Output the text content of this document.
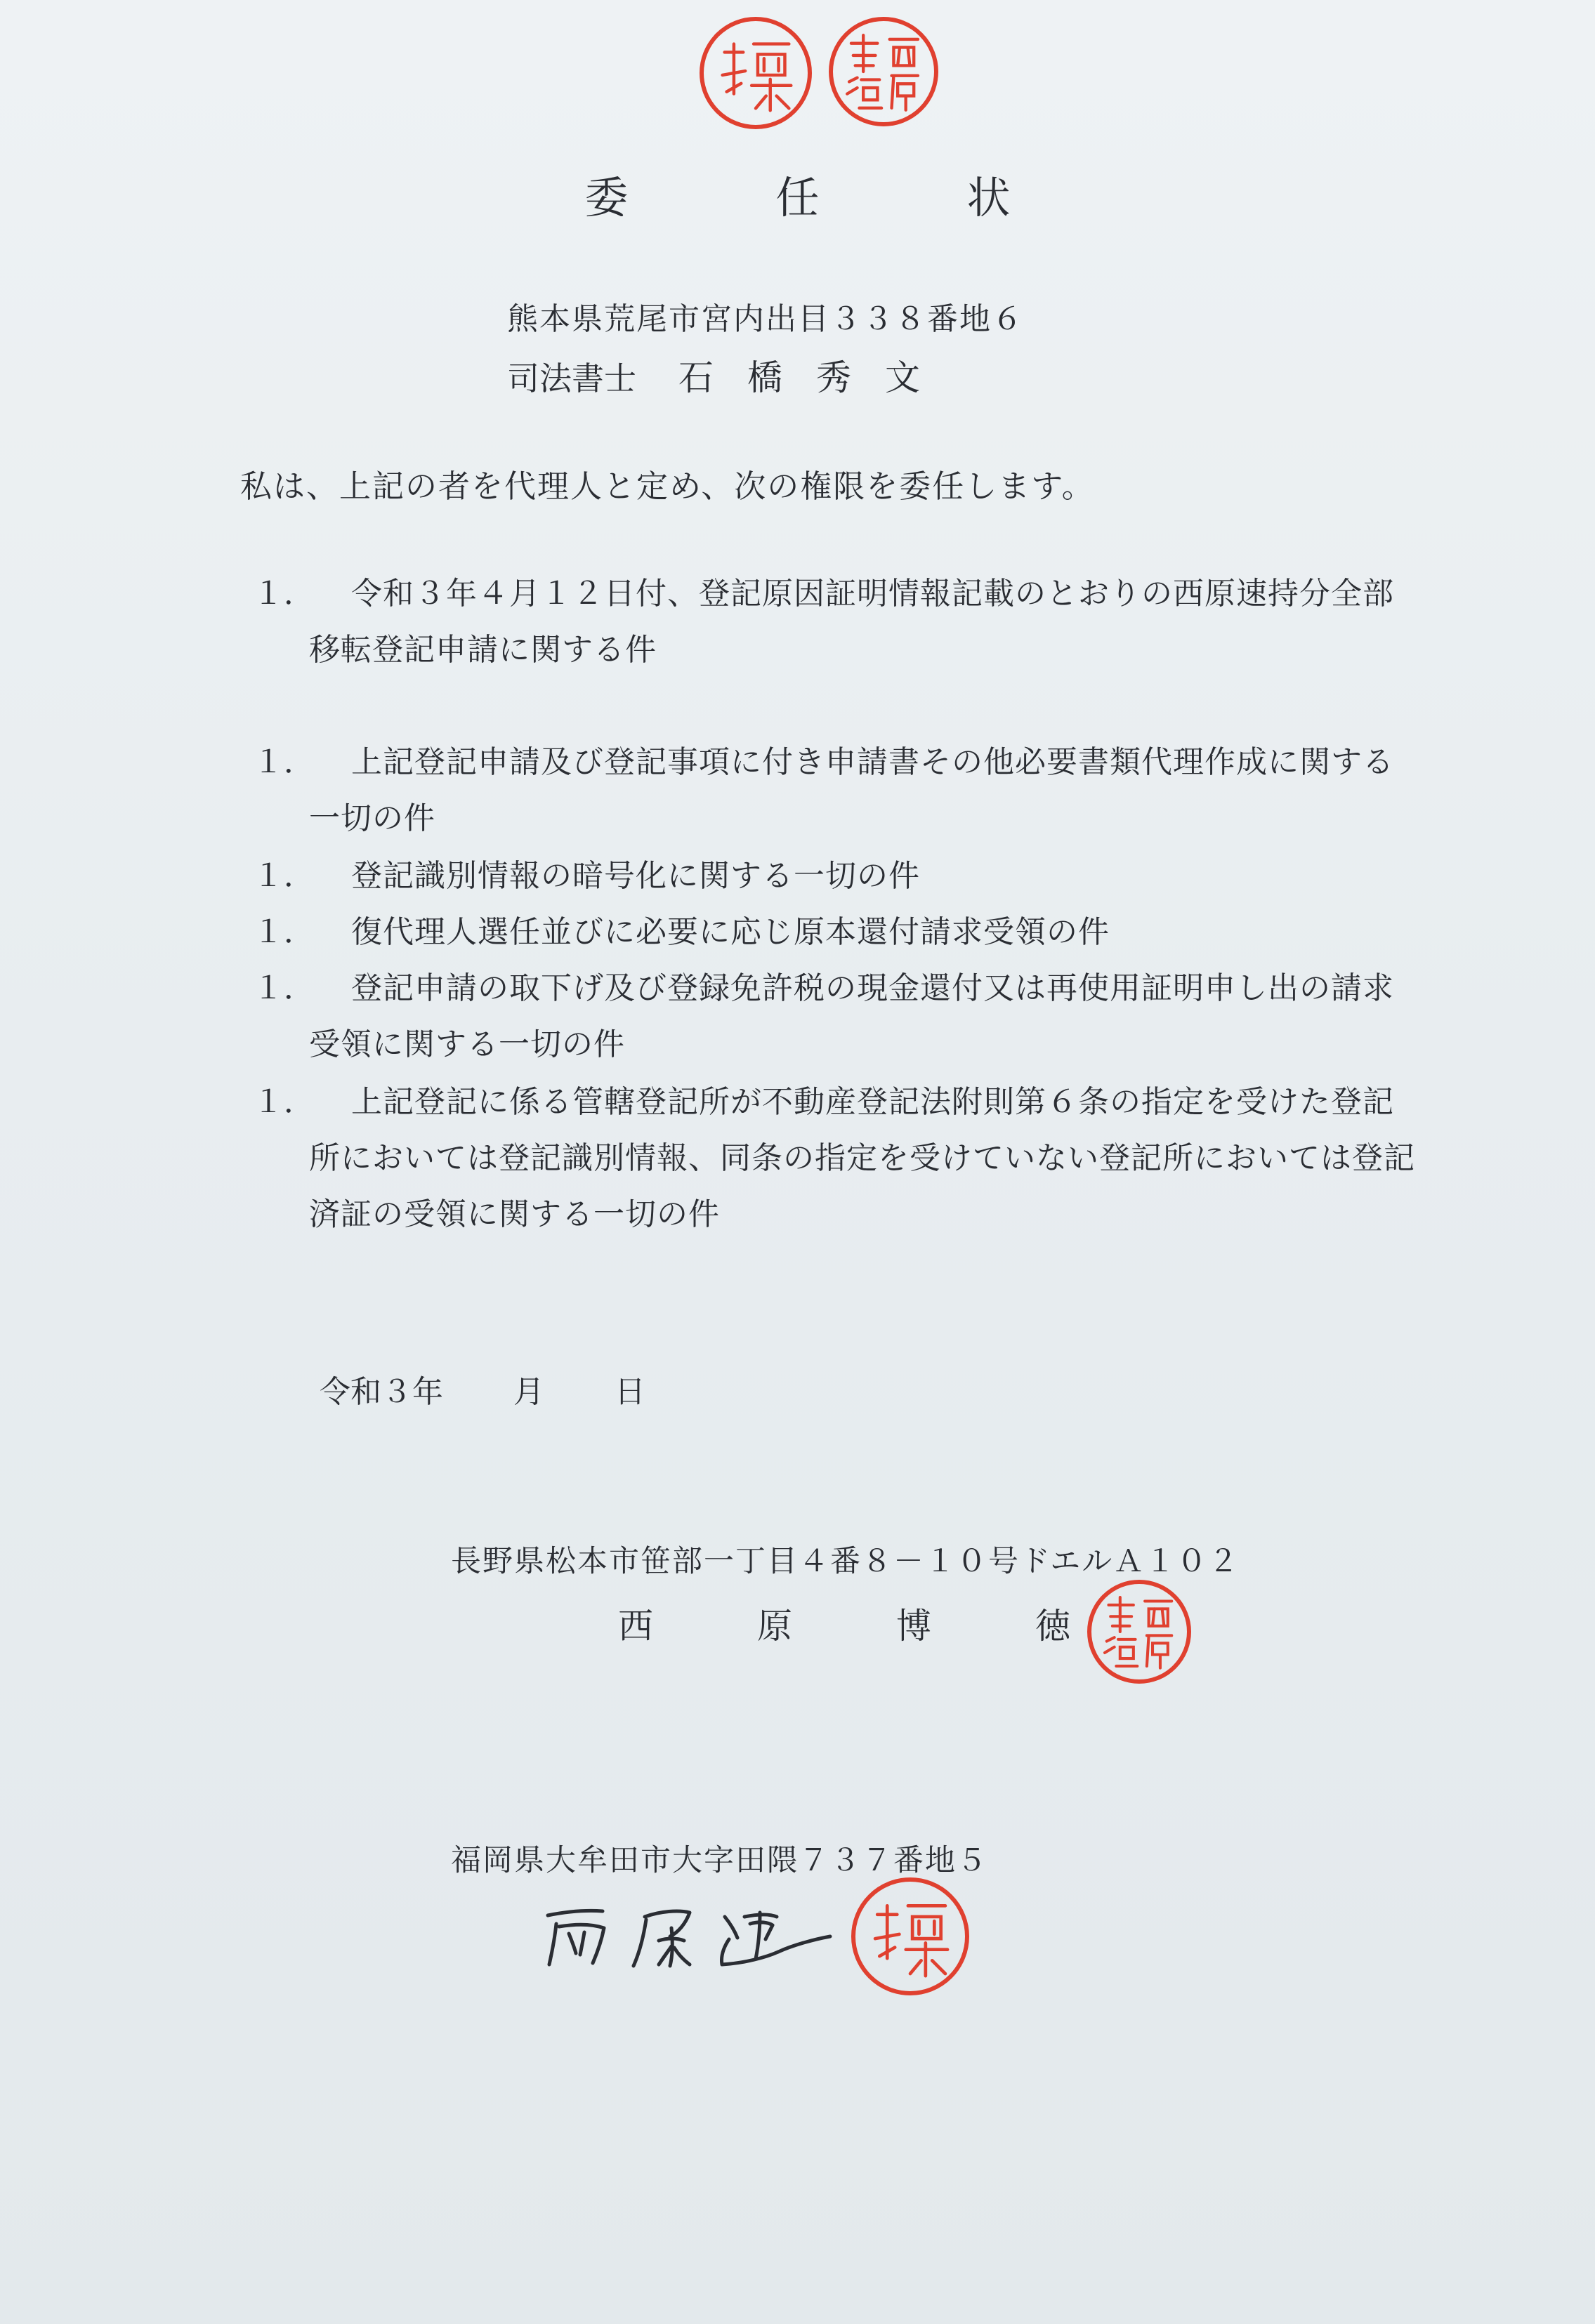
委	任	状
熊本県荒尾市宮内出目３３８番地６
司法書士 石 橋 秀 文
私は、上記の者を代理人と定め、次の権限を委任します。
１．	令和３年４月１２日付、登記原因証明情報記載のとおりの西原速持分全部移転登記申請に関する件
１．	上記登記申請及び登記事項に付き申請書その他必要書類代理作成に関する一切の件
１．	登記識別情報の暗号化に関する一切の件
１．	復代理人選任並びに必要に応じ原本還付請求受領の件
１．	登記申請の取下げ及び登録免許税の現金還付又は再使用証明申し出の請求受領に関する一切の件
１．	上記登記に係る管轄登記所が不動産登記法附則第６条の指定を受けた登記所においては登記識別情報、同条の指定を受けていない登記所においては登記済証の受領に関する一切の件
令和３年 月 日
長野県松本市笹部一丁目４番８－１０号ドエルＡ１０２
西	原	博	徳
福岡県大牟田市大字田隈７３７番地５
